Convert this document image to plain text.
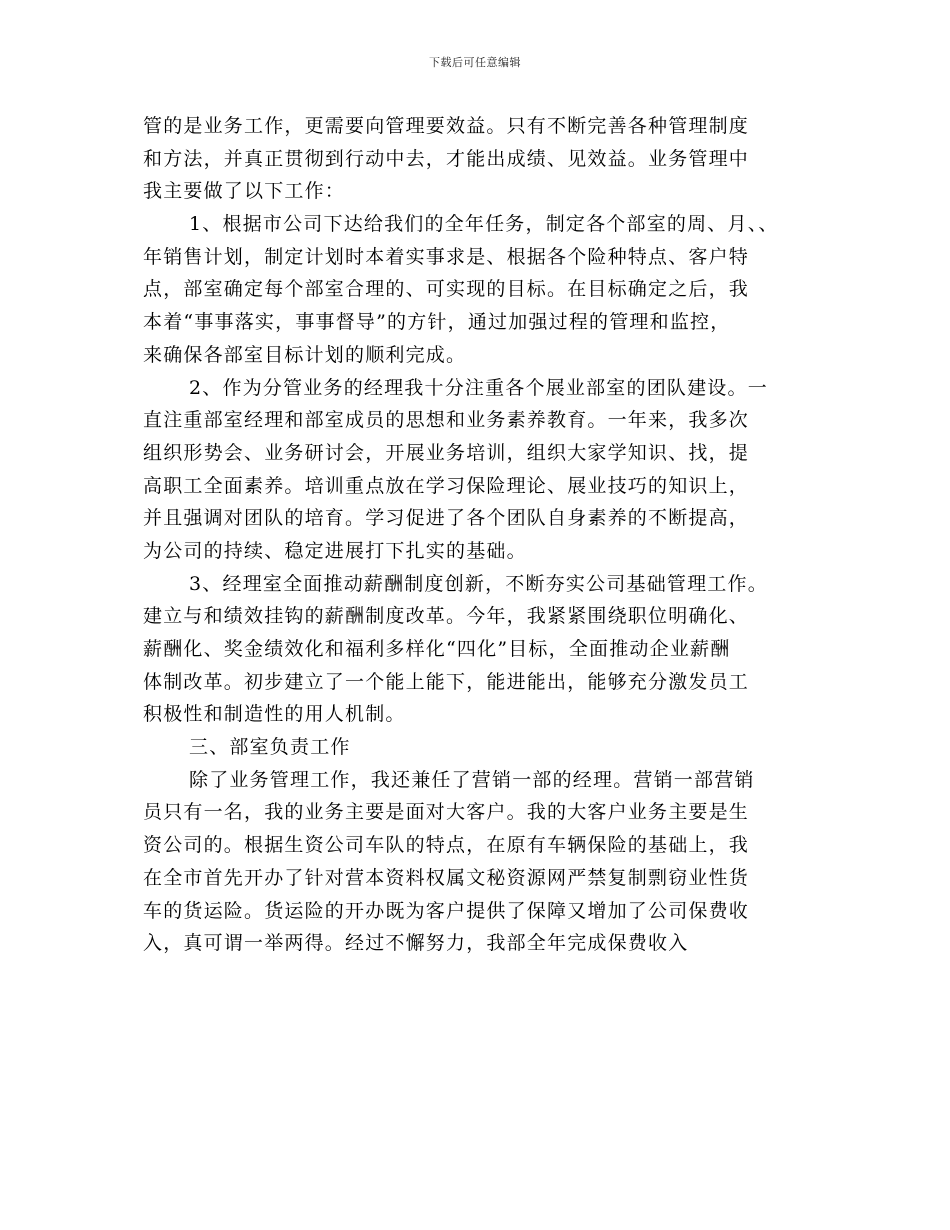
下载后可任意编辑
管的是业务工作，更需要向管理要效益。只有不断完善各种管理制度
和方法，并真正贯彻到行动中去，才能出成绩、见效益。业务管理中
我主要做了以下工作：
1、根据市公司下达给我们的全年任务，制定各个部室的周、月、、
年销售计划，制定计划时本着实事求是、根据各个险种特点、客户特
点，部室确定每个部室合理的、可实现的目标。在目标确定之后，我
本着“事事落实，事事督导”的方针，通过加强过程的管理和监控，
来确保各部室目标计划的顺利完成。
2、作为分管业务的经理我十分注重各个展业部室的团队建设。一
直注重部室经理和部室成员的思想和业务素养教育。一年来，我多次
组织形势会、业务研讨会，开展业务培训，组织大家学知识、找，提
高职工全面素养。培训重点放在学习保险理论、展业技巧的知识上，
并且强调对团队的培育。学习促进了各个团队自身素养的不断提高，
为公司的持续、稳定进展打下扎实的基础。
3、经理室全面推动薪酬制度创新，不断夯实公司基础管理工作。
建立与和绩效挂钩的薪酬制度改革。今年，我紧紧围绕职位明确化、
薪酬化、奖金绩效化和福利多样化“四化”目标，全面推动企业薪酬
体制改革。初步建立了一个能上能下，能进能出，能够充分激发员工
积极性和制造性的用人机制。
三、部室负责工作
除了业务管理工作，我还兼任了营销一部的经理。营销一部营销
员只有一名，我的业务主要是面对大客户。我的大客户业务主要是生
资公司的。根据生资公司车队的特点，在原有车辆保险的基础上，我
在全市首先开办了针对营本资料权属文秘资源网严禁复制剽窃业性货
车的货运险。货运险的开办既为客户提供了保障又增加了公司保费收
入，真可谓一举两得。经过不懈努力，我部全年完成保费收入
